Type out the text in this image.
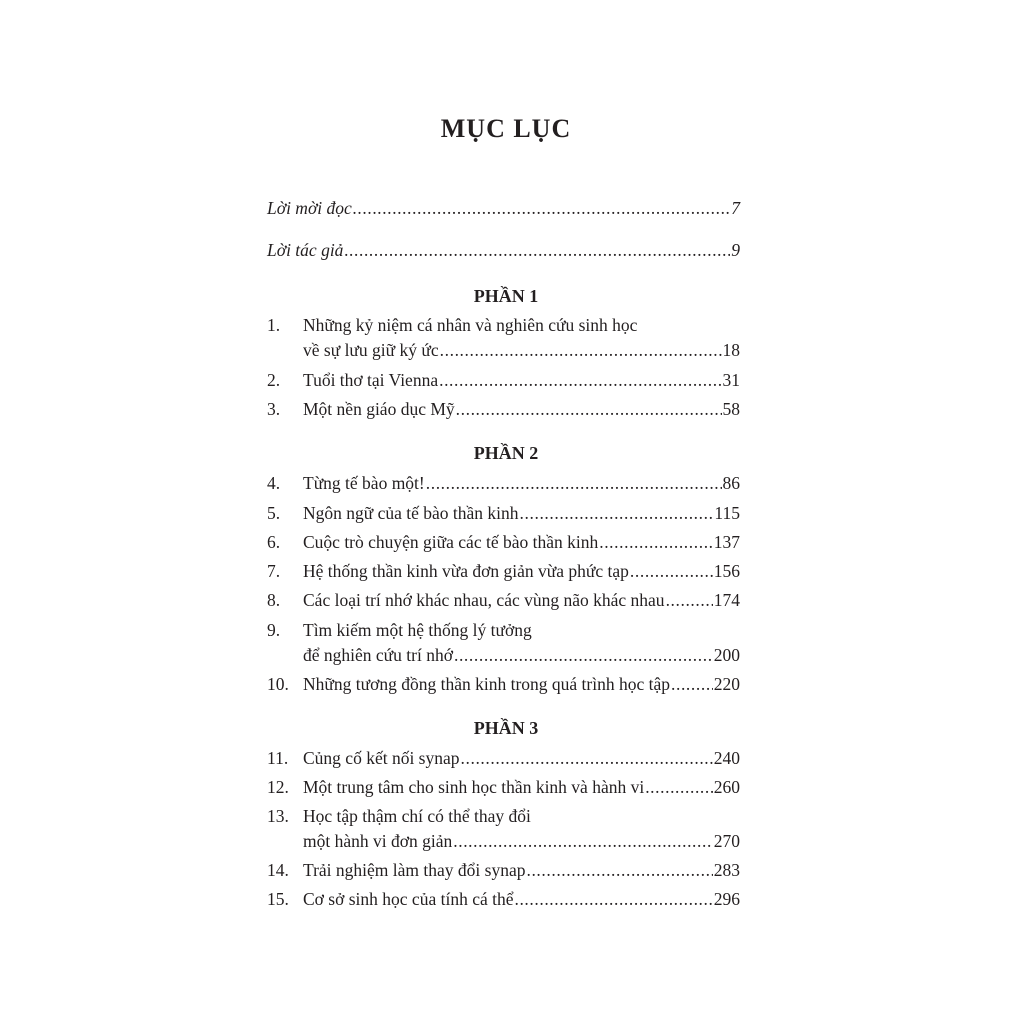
MỤC LỤC
Lời mời đọc .....	7
Lời tác giả .....	9
PHẦN 1
1.	Những kỷ niệm cá nhân và nghiên cứu sinh học
về sự lưu giữ ký ức .....	18
2.	Tuổi thơ tại Vienna .....	31
3.	Một nền giáo dục Mỹ .....	58
PHẦN 2
4.	Từng tế bào một! .....	86
5.	Ngôn ngữ của tế bào thần kinh .....	115
6.	Cuộc trò chuyện giữa các tế bào thần kinh .....	137
7.	Hệ thống thần kinh vừa đơn giản vừa phức tạp .....	156
8.	Các loại trí nhớ khác nhau, các vùng não khác nhau .....	174
9.	Tìm kiếm một hệ thống lý tưởng
để nghiên cứu trí nhớ .....	200
10. Những tương đồng thần kinh trong quá trình học tập .....	220
PHẦN 3
11. Củng cố kết nối synap .....	240
12. Một trung tâm cho sinh học thần kinh và hành vi .....	260
13. Học tập thậm chí có thể thay đổi
một hành vi đơn giản .....	270
14. Trải nghiệm làm thay đổi synap .....	283
15. Cơ sở sinh học của tính cá thể .....	296
